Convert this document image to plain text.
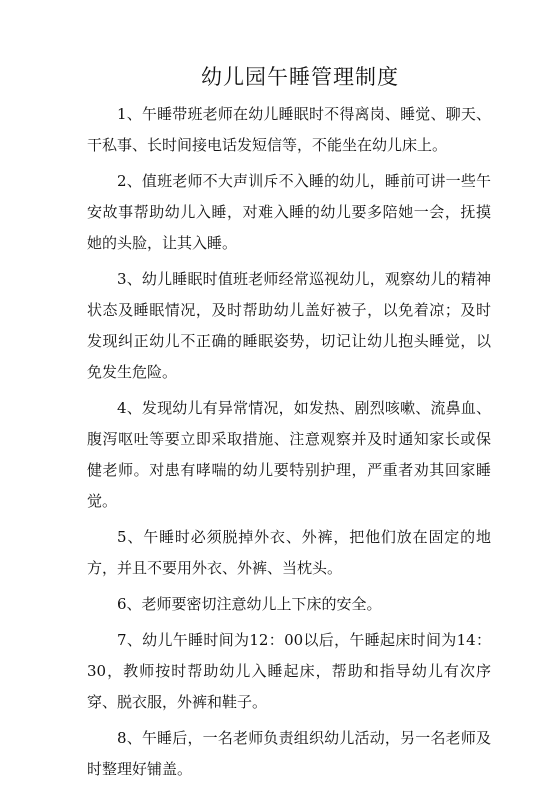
幼儿园午睡管理制度
1、午睡带班老师在幼儿睡眠时不得离岗、睡觉、聊天、干私事、长时间接电话发短信等，不能坐在幼儿床上。
2、值班老师不大声训斥不入睡的幼儿，睡前可讲一些午安故事帮助幼儿入睡，对难入睡的幼儿要多陪她一会，抚摸她的头脸，让其入睡。
3、幼儿睡眠时值班老师经常巡视幼儿，观察幼儿的精神状态及睡眠情况，及时帮助幼儿盖好被子，以免着凉；及时发现纠正幼儿不正确的睡眠姿势，切记让幼儿抱头睡觉，以免发生危险。
4、发现幼儿有异常情况，如发热、剧烈咳嗽、流鼻血、腹泻呕吐等要立即采取措施、注意观察并及时通知家长或保健老师。对患有哮喘的幼儿要特别护理，严重者劝其回家睡觉。
5、午睡时必须脱掉外衣、外裤，把他们放在固定的地方，并且不要用外衣、外裤、当枕头。
6、老师要密切注意幼儿上下床的安全。
7、幼儿午睡时间为12：00以后，午睡起床时间为14：30，教师按时帮助幼儿入睡起床，帮助和指导幼儿有次序穿、脱衣服，外裤和鞋子。
8、午睡后，一名老师负责组织幼儿活动，另一名老师及时整理好铺盖。
